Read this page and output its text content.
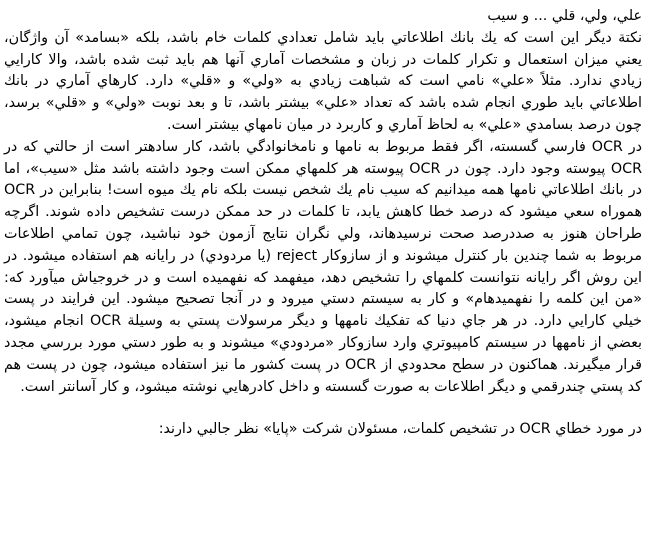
علي، ولي، قلي ... و سيب

نكتة ديگر اين است كه يك بانك اطلاعاتي بايد شامل تعدادي كلمات خام باشد، بلكه «بسامد» آن واژگان، يعني ميزان استعمال و تكرار كلمات در زبان و مشخصات آماري آنها هم بايد ثبت شده باشد، والا كارايي زيادي ندارد. مثلاً «علي» نامي است كه شباهت زيادي به «ولي» و «قلي» دارد. كارهاي آماري در بانك اطلاعاتي بايد طوري انجام شده باشد كه تعداد «علي» بيشتر باشد، تا و بعد نوبت «ولي» و «قلي» برسد، چون درصد بسامدي «علي» به لحاظ آماري و كاربرد در ميان نامهاي بيشتر است.

در OCR فارسي گسسته، اگر فقط مربوط به نامها و نامخانوادگي باشد، كار سادهتر است از حالتي كه در OCR پيوسته وجود دارد. چون در OCR پيوسته هر كلمهاي ممكن است وجود داشته باشد مثل «سيب»، اما در بانك اطلاعاتي نامها همه ميدانيم كه سيب نام يك شخص نيست بلكه نام يك ميوه است! بنابراين در OCR هموراه سعي ميشود كه درصد خطا كاهش يابد، تا كلمات در حد ممكن درست تشخيص داده شوند. اگرچه طراحان هنوز به صددرصد صحت نرسيدهاند، ولي نگران نتايج آزمون خود نباشيد، چون تمامي اطلاعات مربوط به شما چندين بار كنترل ميشوند و از سازوكار reject (يا مردودي) در رايانه هم استفاده ميشود. در اين روش اگر رايانه نتوانست كلمهاي را تشخيص دهد، ميفهمد كه نفهميده است و در خروجياش ميآورد كه: «من اين كلمه را نفهميدهام» و كار به سيستم دستي ميرود و در آنجا تصحيح ميشود. اين فرايند در پست خيلي كارايي دارد. در هر جاي دنيا كه تفكيك نامهها و ديگر مرسولات پستي به وسيلة OCR انجام ميشود، بعضي از نامهها در سيستم كامپيوتري وارد سازوكار «مردودي» ميشوند و به طور دستي مورد بررسي مجدد قرار ميگيرند. هماكنون در سطح محدودي از OCR در پست كشور ما نيز استفاده ميشود، چون در پست هم كد پستي چندرقمي و ديگر اطلاعات به صورت گسسته و داخل كادرهايي نوشته ميشود، و كار آسانتر است.

در مورد خطاي OCR در تشخيص كلمات، مسئولان شركت «پايا» نظر جالبي دارند:
